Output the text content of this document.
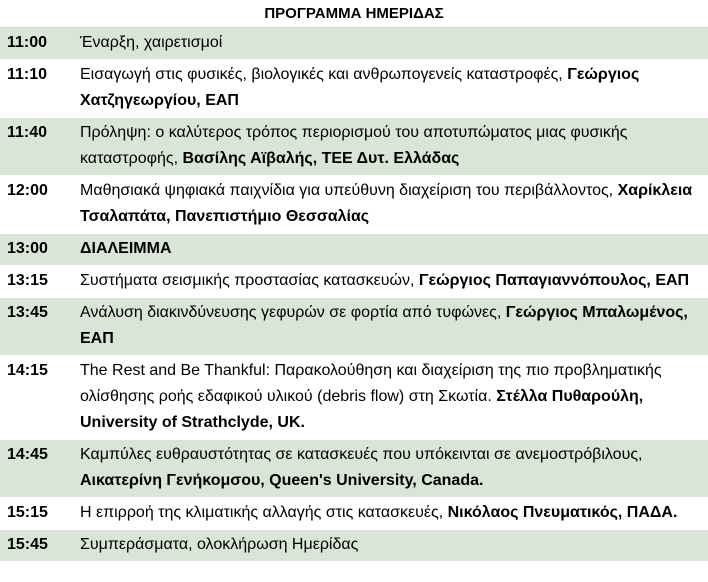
ΠΡΟΓΡΑΜΜΑ ΗΜΕΡΙΔΑΣ	
11:00	Έναρξη, χαιρετισμοί
11:10	Εισαγωγή στις φυσικές, βιολογικές και ανθρωπογενείς καταστροφές, Γεώργιος Χατζηγεωργίου, ΕΑΠ
11:40	Πρόληψη: ο καλύτερος τρόπος περιορισμού του αποτυπώματος μιας φυσικής καταστροφής, Βασίλης Αϊβαλής, ΤΕΕ Δυτ. Ελλάδας
12:00	Μαθησιακά ψηφιακά παιχνίδια για υπεύθυνη διαχείριση του περιβάλλοντος, Χαρίκλεια Τσαλαπάτα, Πανεπιστήμιο Θεσσαλίας
13:00	ΔΙΑΛΕΙΜΜΑ
13:15	Συστήματα σεισμικής προστασίας κατασκευών, Γεώργιος Παπαγιαννόπουλος, ΕΑΠ
13:45	Ανάλυση διακινδύνευσης γεφυρών σε φορτία από τυφώνες, Γεώργιος Μπαλωμένος, ΕΑΠ
14:15	The Rest and Be Thankful: Παρακολούθηση και διαχείριση της πιο προβληματικής ολίσθησης ροής εδαφικού υλικού (debris flow) στη Σκωτία. Στέλλα Πυθαρούλη, University of Strathclyde, UK.
14:45	Καμπύλες ευθραυστότητας σε κατασκευές που υπόκεινται σε ανεμοστρόβιλους, Αικατερίνη Γενήκομσου, Queen's University, Canada.
15:15	Η επιρροή της κλιματικής αλλαγής στις κατασκευές, Νικόλαος Πνευματικός, ΠΑΔΑ.
15:45	Συμπεράσματα, ολοκλήρωση Ημερίδας
